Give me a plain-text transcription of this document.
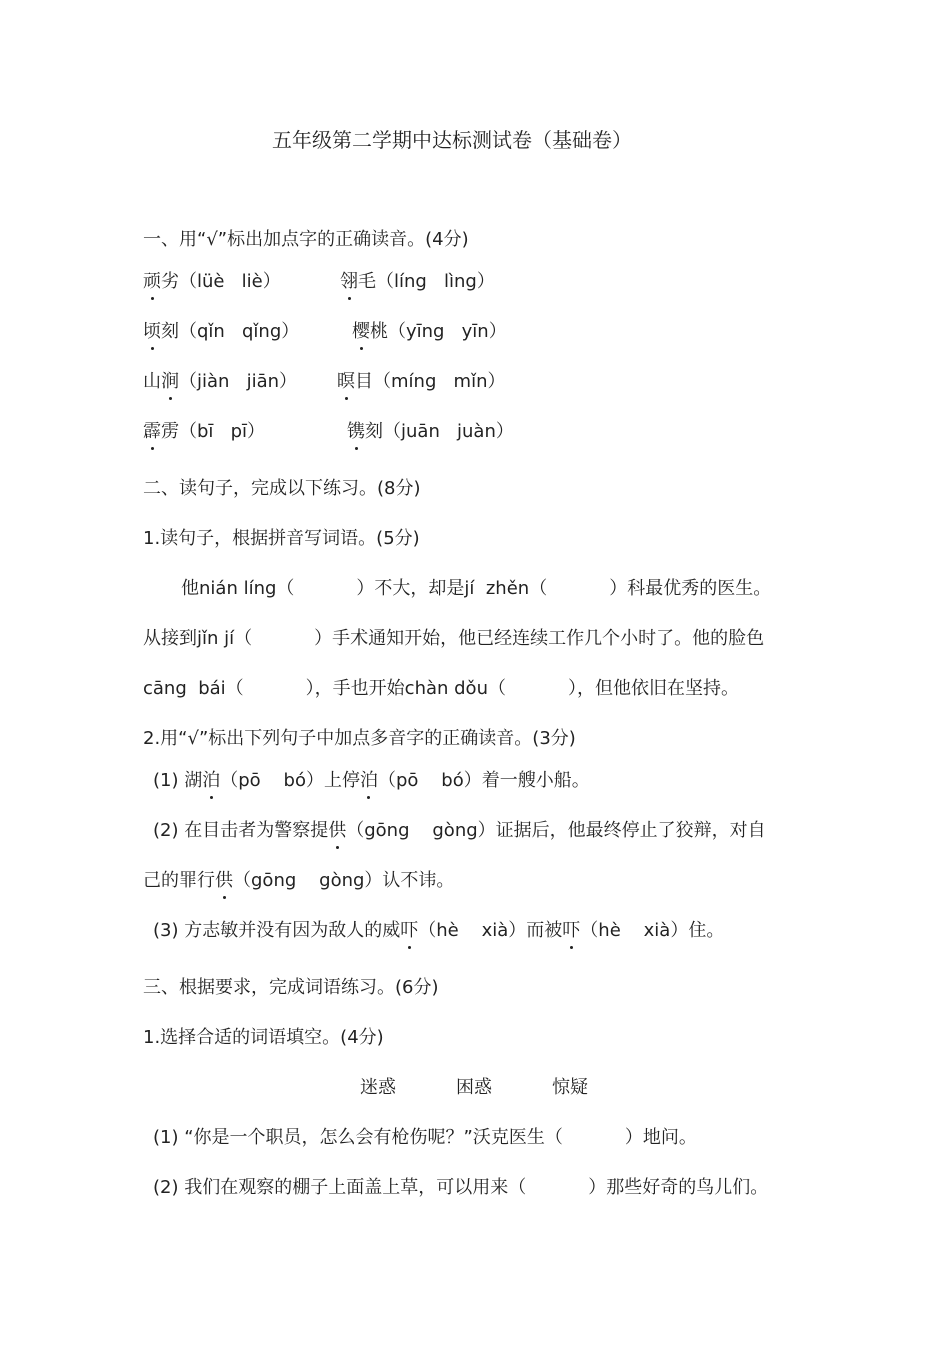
五年级第二学期中达标测试卷（基础卷）
一、用“√”标出加点字的正确读音。(4分)
顽劣（lüè   liè）	翎毛（líng   lìng）
顷刻（qǐn   qǐng）	樱桃（yīng   yīn）
山涧（jiàn   jiān） 暝目（míng   mǐn）
霹雳（bī   pī）	镌刻（juān   juàn）
二、读句子，完成以下练习。(8分)
1.读句子，根据拼音写词语。(5分)
他nián líng（	）不大，却是jí  zhěn（	）科最优秀的医生。
从接到jǐn jí（	）手术通知开始，他已经连续工作几个小时了。他的脸色
cāng  bái（	），手也开始chàn dǒu（	），但他依旧在坚持。
2.用“√”标出下列句子中加点多音字的正确读音。(3分)
(1) 湖泊（pō    bó）上停泊（pō    bó）着一艘小船。
(2) 在目击者为警察提供（gōng    gòng）证据后，他最终停止了狡辩，对自
己的罪行供（gōng    gòng）认不讳。
(3) 方志敏并没有因为敌人的威吓（hè    xià）而被吓（hè    xià）住。
三、根据要求，完成词语练习。(6分)
1.选择合适的词语填空。(4分)
迷惑	困惑	惊疑
(1) “你是一个职员，怎么会有枪伤呢？”沃克医生（	）地问。
(2) 我们在观察的棚子上面盖上草，可以用来（	）那些好奇的鸟儿们。
